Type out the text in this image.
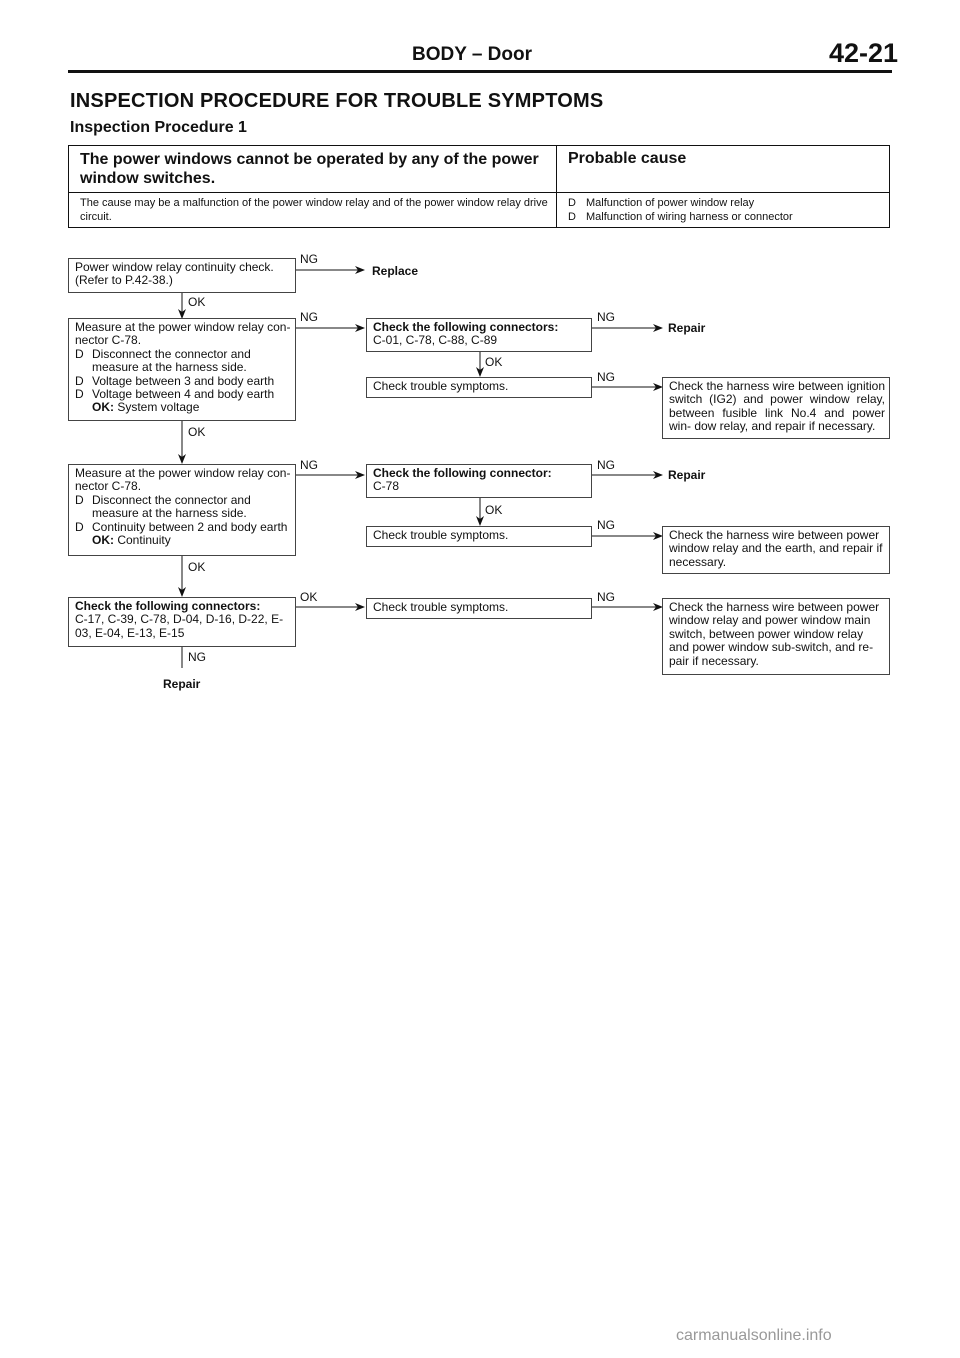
BODY – Door	42-21
INSPECTION PROCEDURE FOR TROUBLE SYMPTOMS
Inspection Procedure 1
The power windows cannot be operated by any of the power window switches.
Probable cause
The cause may be a malfunction of the power window relay and of the power window relay drive circuit.
D Malfunction of power window relay
D Malfunction of wiring harness or connector
Power window relay continuity check. (Refer to P.42-38.)
NG
Replace
OK
Measure at the power window relay con- nector C-78.
D Disconnect the connector and measure at the harness side.
D Voltage between 3 and body earth
D Voltage between 4 and body earth
OK: System voltage
NG
OK
Check the following connectors:
C-01, C-78, C-88, C-89
NG
Repair
OK
Check trouble symptoms.
NG
Check the harness wire between ignition switch (IG2) and power window relay, between fusible link No.4 and power win- dow relay, and repair if necessary.
Measure at the power window relay con- nector C-78.
D Disconnect the connector and measure at the harness side.
D Continuity between 2 and body earth
OK: Continuity
NG
OK
Check the following connector:
C-78
NG
Repair
OK
Check trouble symptoms.
NG
Check the harness wire between power window relay and the earth, and repair if necessary.
Check the following connectors:
C-17, C-39, C-78, D-04, D-16, D-22, E-03, E-04, E-13, E-15
OK
NG
Repair
Check trouble symptoms.
NG
Check the harness wire between power window relay and power window main switch, between power window relay and power window sub-switch, and re- pair if necessary.
carmanualsonline.info
